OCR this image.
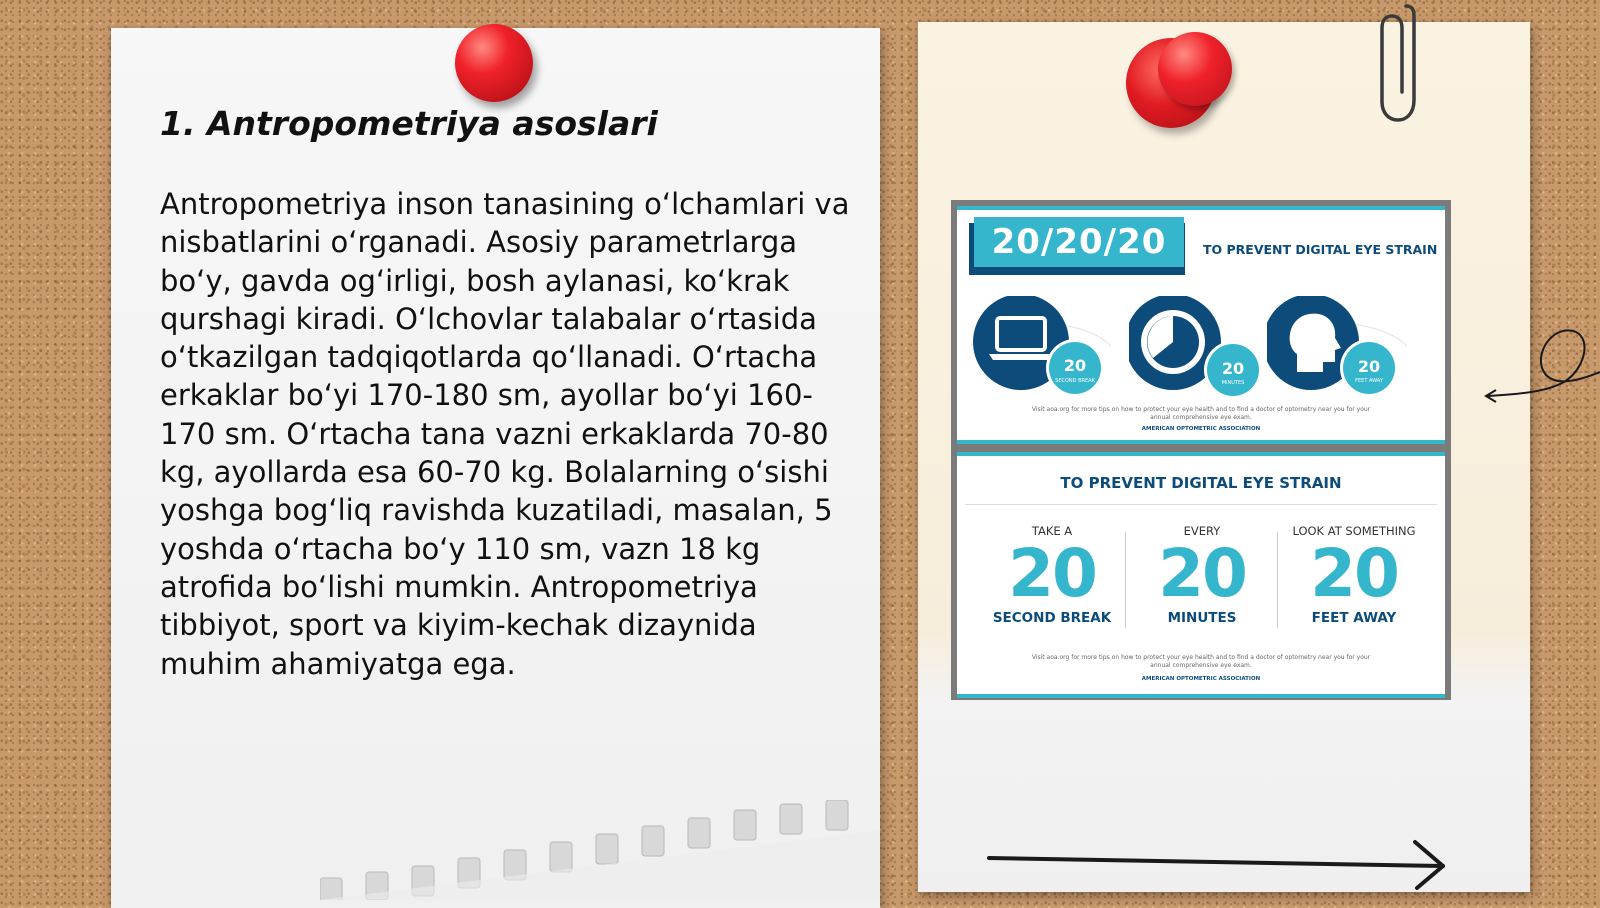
1. Antropometriya asoslari

Antropometriya inson tanasining oʻlchamlari va nisbatlarini oʻrganadi. Asosiy parametrlarga boʻy, gavda ogʻirligi, bosh aylanasi, koʻkrak qurshagi kiradi. Oʻlchovlar talabalar oʻrtasida oʻtkazilgan tadqiqotlarda qoʻllanadi. Oʻrtacha erkaklar boʻyi 170-180 sm, ayollar boʻyi 160-170 sm. Oʻrtacha tana vazni erkaklarda 70-80 kg, ayollarda esa 60-70 kg. Bolalarning oʻsishi yoshga bogʻliq ravishda kuzatiladi, masalan, 5 yoshda oʻrtacha boʻy 110 sm, vazn 18 kg atrofida boʻlishi mumkin. Antropometriya tibbiyot, sport va kiyim-kechak dizaynida muhim ahamiyatga ega.

20/20/20	TO PREVENT DIGITAL EYE STRAIN
20
SECOND BREAK
20
MINUTES
20
FEET AWAY
Visit aoa.org for more tips on how to protect your eye health and to find a doctor of optometry near you for your annual comprehensive eye exam.
AMERICAN OPTOMETRIC ASSOCIATION
TO PREVENT DIGITAL EYE STRAIN
TAKE A
20
SECOND BREAK
EVERY
20
MINUTES
LOOK AT SOMETHING
20
FEET AWAY
Visit aoa.org for more tips on how to protect your eye health and to find a doctor of optometry near you for your annual comprehensive eye exam.
AMERICAN OPTOMETRIC ASSOCIATION
